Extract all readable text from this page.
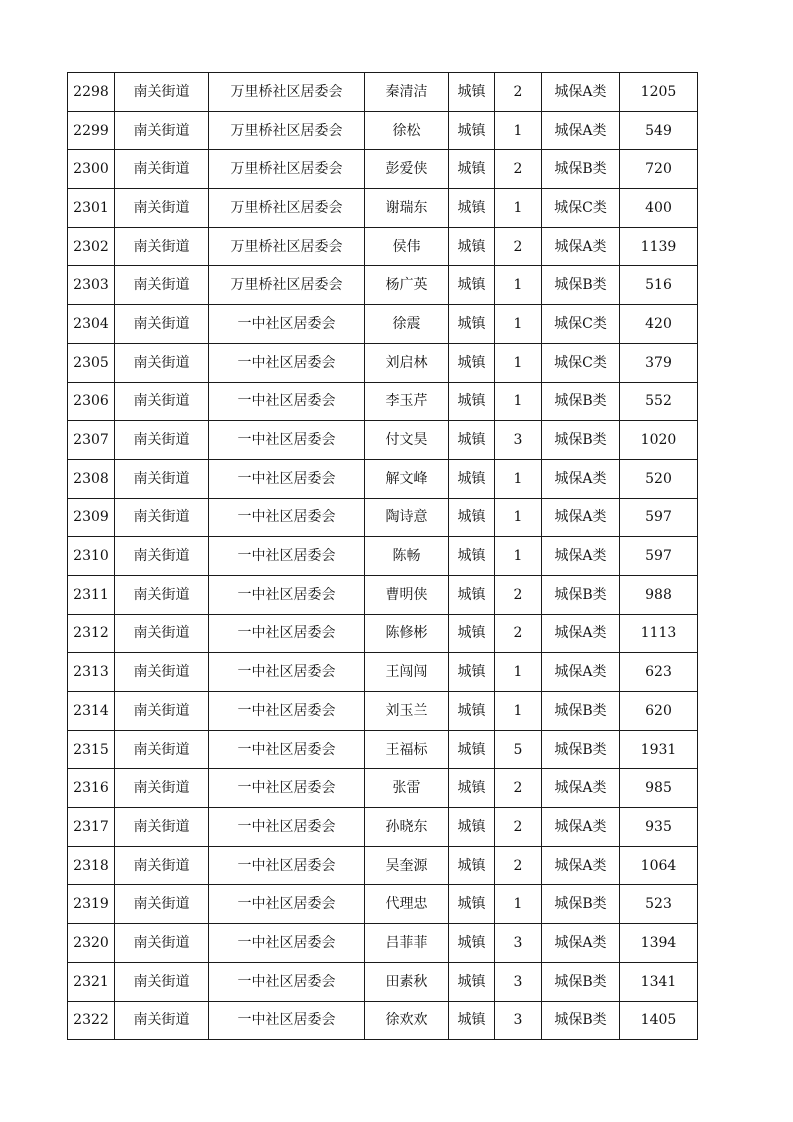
2298	南关街道	万里桥社区居委会	秦清洁	城镇	2	城保A类	1205
2299	南关街道	万里桥社区居委会	徐松	城镇	1	城保A类	549
2300	南关街道	万里桥社区居委会	彭爱侠	城镇	2	城保B类	720
2301	南关街道	万里桥社区居委会	谢瑞东	城镇	1	城保C类	400
2302	南关街道	万里桥社区居委会	侯伟	城镇	2	城保A类	1139
2303	南关街道	万里桥社区居委会	杨广英	城镇	1	城保B类	516
2304	南关街道	一中社区居委会	徐震	城镇	1	城保C类	420
2305	南关街道	一中社区居委会	刘启林	城镇	1	城保C类	379
2306	南关街道	一中社区居委会	李玉芹	城镇	1	城保B类	552
2307	南关街道	一中社区居委会	付文昊	城镇	3	城保B类	1020
2308	南关街道	一中社区居委会	解文峰	城镇	1	城保A类	520
2309	南关街道	一中社区居委会	陶诗意	城镇	1	城保A类	597
2310	南关街道	一中社区居委会	陈畅	城镇	1	城保A类	597
2311	南关街道	一中社区居委会	曹明侠	城镇	2	城保B类	988
2312	南关街道	一中社区居委会	陈修彬	城镇	2	城保A类	1113
2313	南关街道	一中社区居委会	王闯闯	城镇	1	城保A类	623
2314	南关街道	一中社区居委会	刘玉兰	城镇	1	城保B类	620
2315	南关街道	一中社区居委会	王福标	城镇	5	城保B类	1931
2316	南关街道	一中社区居委会	张雷	城镇	2	城保A类	985
2317	南关街道	一中社区居委会	孙晓东	城镇	2	城保A类	935
2318	南关街道	一中社区居委会	吴奎源	城镇	2	城保A类	1064
2319	南关街道	一中社区居委会	代理忠	城镇	1	城保B类	523
2320	南关街道	一中社区居委会	吕菲菲	城镇	3	城保A类	1394
2321	南关街道	一中社区居委会	田素秋	城镇	3	城保B类	1341
2322	南关街道	一中社区居委会	徐欢欢	城镇	3	城保B类	1405
